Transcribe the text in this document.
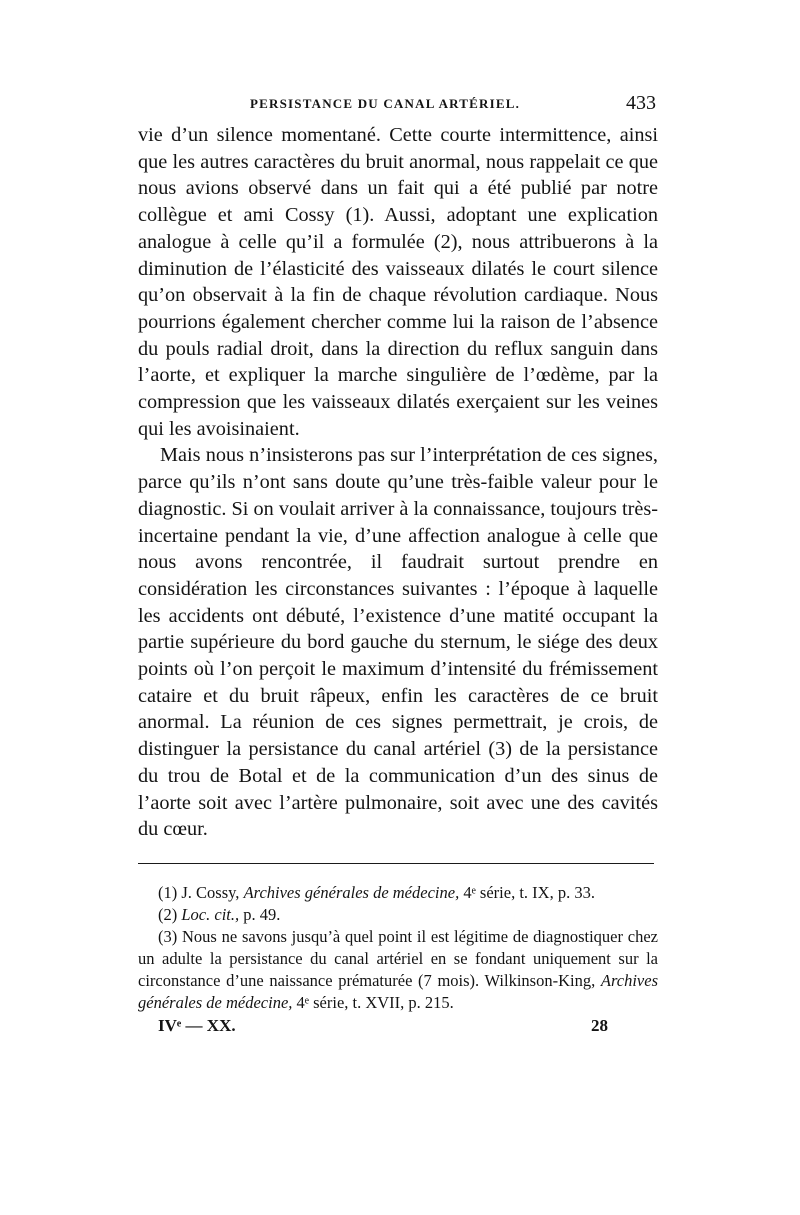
PERSISTANCE DU CANAL ARTÉRIEL.	433

vie d’un silence momentané. Cette courte intermittence, ainsi que les autres caractères du bruit anormal, nous rappelait ce que nous avions observé dans un fait qui a été publié par notre collègue et ami Cossy (1). Aussi, adoptant une explication analogue à celle qu’il a formulée (2), nous attribuerons à la diminution de l’élasticité des vaisseaux dilatés le court silence qu’on observait à la fin de chaque révolution cardiaque. Nous pourrions également chercher comme lui la raison de l’absence du pouls radial droit, dans la direction du reflux sanguin dans l’aorte, et expliquer la marche singulière de l’œdème, par la compression que les vaisseaux dilatés exerçaient sur les veines qui les avoisinaient.

Mais nous n’insisterons pas sur l’interprétation de ces signes, parce qu’ils n’ont sans doute qu’une très-faible valeur pour le diagnostic. Si on voulait arriver à la connaissance, toujours très-incertaine pendant la vie, d’une affection analogue à celle que nous avons rencontrée, il faudrait surtout prendre en considération les circonstances suivantes : l’époque à laquelle les accidents ont débuté, l’existence d’une matité occupant la partie supérieure du bord gauche du sternum, le siége des deux points où l’on perçoit le maximum d’intensité du frémissement cataire et du bruit râpeux, enfin les caractères de ce bruit anormal. La réunion de ces signes permettrait, je crois, de distinguer la persistance du canal artériel (3) de la persistance du trou de Botal et de la communication d’un des sinus de l’aorte soit avec l’artère pulmonaire, soit avec une des cavités du cœur.

(1) J. Cossy, Archives générales de médecine, 4ᵉ série, t. IX, p. 33.

(2) Loc. cit., p. 49.

(3) Nous ne savons jusqu’à quel point il est légitime de diagnostiquer chez un adulte la persistance du canal artériel en se fondant uniquement sur la circonstance d’une naissance prématurée (7 mois). Wilkinson-King, Archives générales de médecine, 4ᵉ série, t. XVII, p. 215.

IVᵉ — XX.	28
